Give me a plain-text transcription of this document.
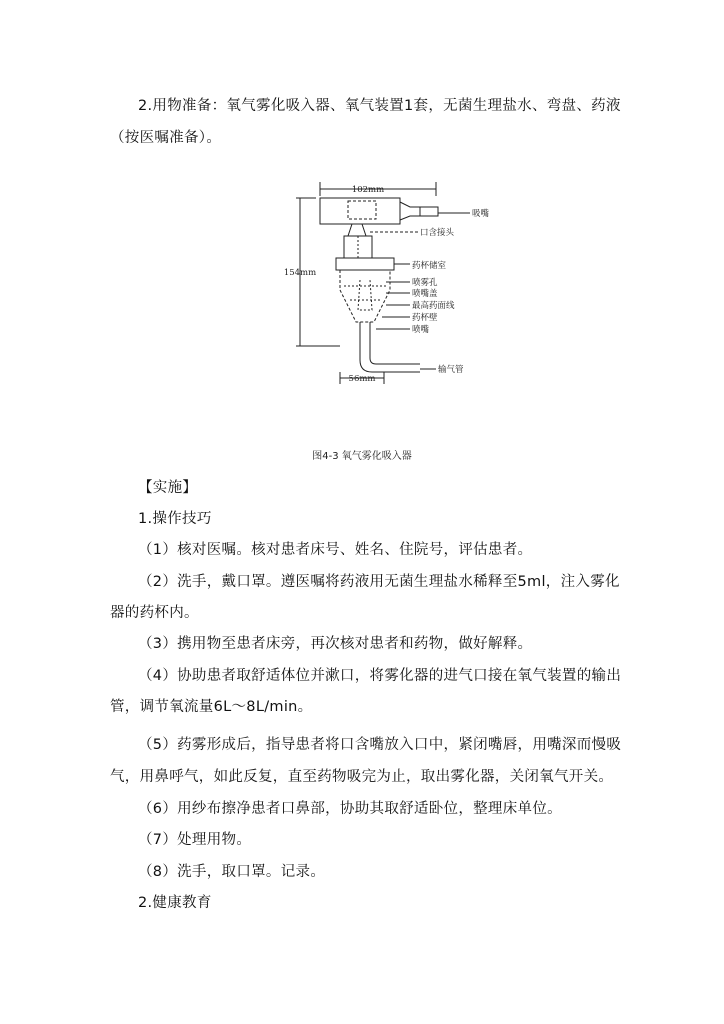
2.用物准备：氧气雾化吸入器、氧气装置1套，无菌生理盐水、弯盘、药液
（按医嘱准备）。
102mm
154mm
56mm
吸嘴
口含接头
药杯储室
喷雾孔
喷嘴盖
最高药面线
药杯壁
喷嘴
输气管
图4-3 氧气雾化吸入器
【实施】
1.操作技巧
（1）核对医嘱。核对患者床号、姓名、住院号，评估患者。
（2）洗手，戴口罩。遵医嘱将药液用无菌生理盐水稀释至5ml，注入雾化
器的药杯内。
（3）携用物至患者床旁，再次核对患者和药物，做好解释。
（4）协助患者取舒适体位并漱口，将雾化器的进气口接在氧气装置的输出
管，调节氧流量6L～8L/min。
（5）药雾形成后，指导患者将口含嘴放入口中，紧闭嘴唇，用嘴深而慢吸
气，用鼻呼气，如此反复，直至药物吸完为止，取出雾化器，关闭氧气开关。
（6）用纱布擦净患者口鼻部，协助其取舒适卧位，整理床单位。
（7）处理用物。
（8）洗手，取口罩。记录。
2.健康教育
